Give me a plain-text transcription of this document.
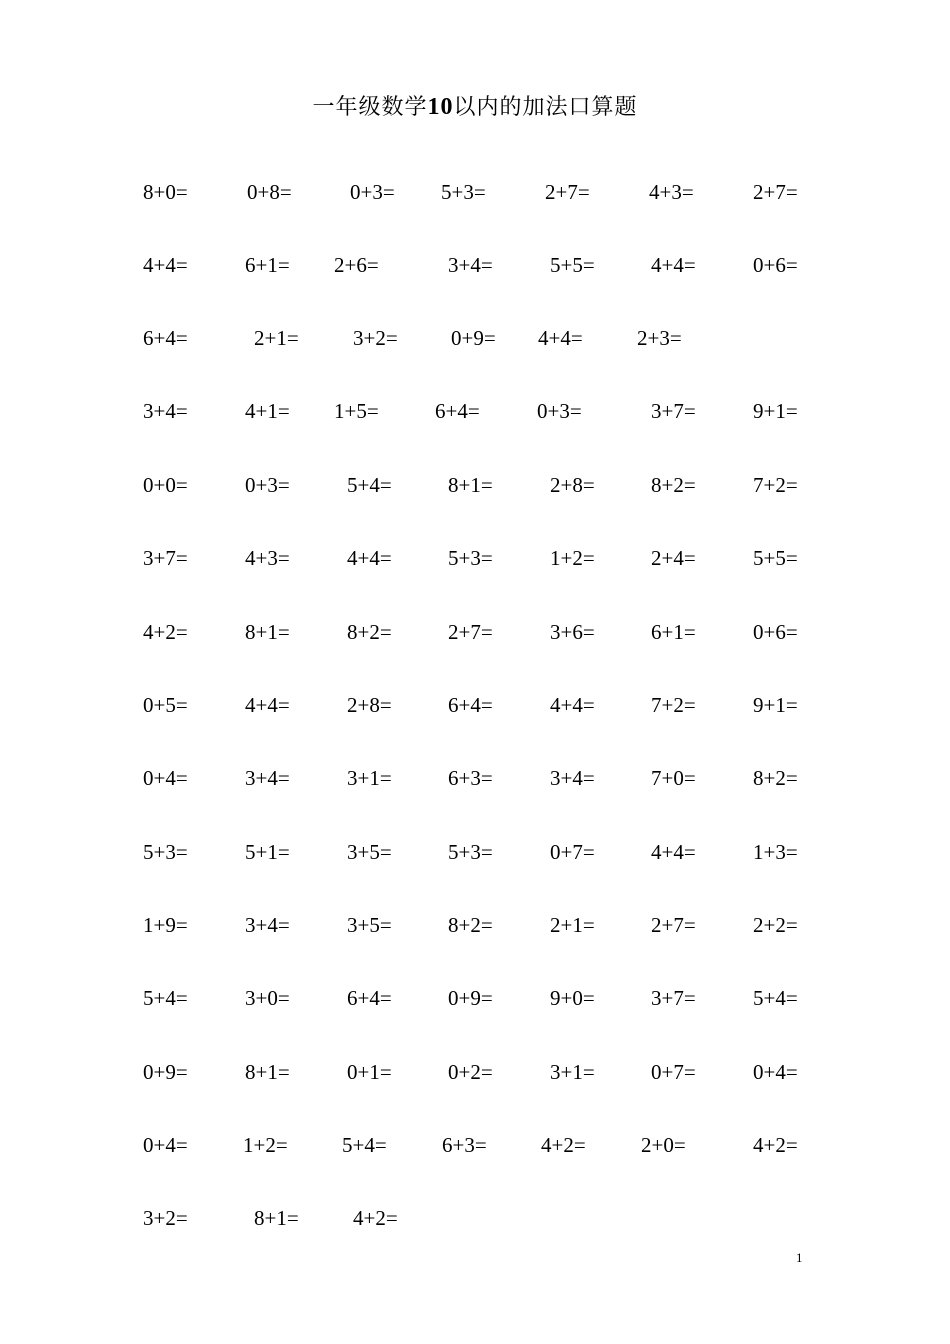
一年级数学10以内的加法口算题
8+0=	0+8=	0+3= 5+3=	2+7=	4+3=	2+7=
4+4=	6+1= 2+6=	3+4=	5+5=	4+4=	0+6=
6+4=	2+1=	3+2=	0+9= 4+4=	2+3=
3+4=	4+1= 1+5=	6+4=	0+3=	3+7=	9+1=
0+0=	0+3=	5+4=	8+1=	2+8=	8+2=	7+2=
3+7=	4+3=	4+4=	5+3=	1+2=	2+4=	5+5=
4+2=	8+1=	8+2=	2+7=	3+6=	6+1=	0+6=
0+5=	4+4=	2+8=	6+4=	4+4=	7+2=	9+1=
0+4=	3+4=	3+1=	6+3=	3+4=	7+0=	8+2=
5+3=	5+1=	3+5=	5+3=	0+7=	4+4=	1+3=
1+9=	3+4=	3+5=	8+2=	2+1=	2+7=	2+2=
5+4=	3+0=	6+4=	0+9=	9+0=	3+7=	5+4=
0+9=	8+1=	0+1=	0+2=	3+1=	0+7=	0+4=
0+4=	1+2=	5+4=	6+3=	4+2=	2+0=	4+2=
3+2=	8+1=	4+2=
1
